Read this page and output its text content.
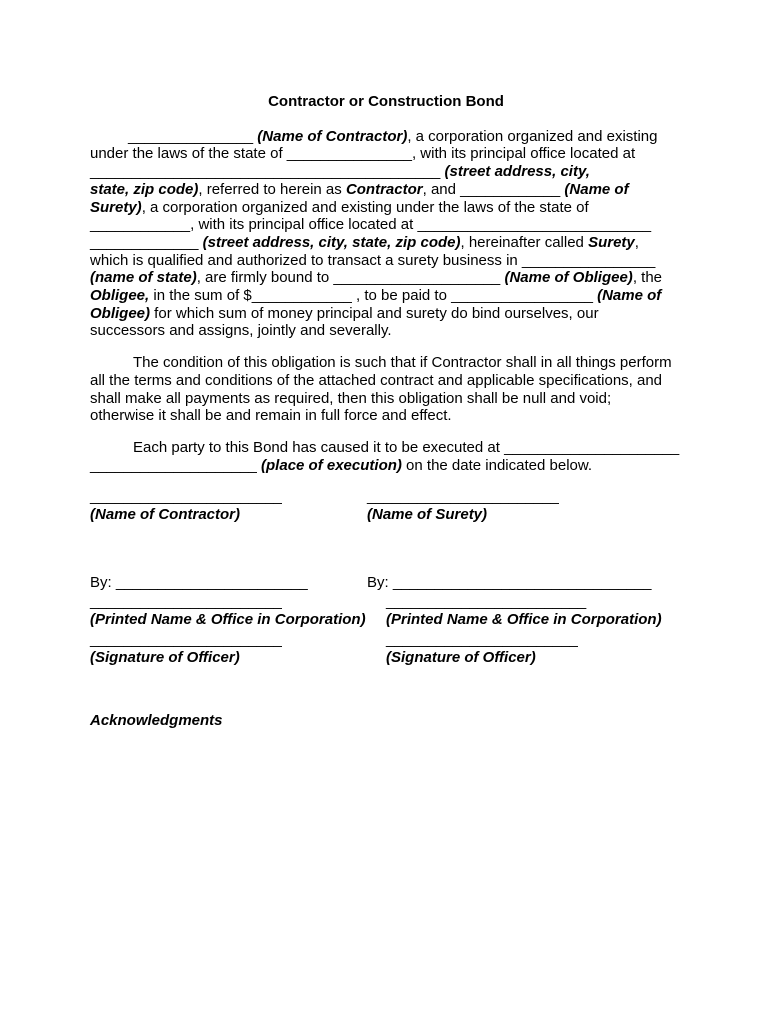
Contractor or Construction Bond
_______________ (Name of Contractor), a corporation organized and existing
under the laws of the state of _______________, with its principal office located at
__________________________________________ (street address, city,
state, zip code), referred to herein as Contractor, and ____________ (Name of
Surety), a corporation organized and existing under the laws of the state of
____________, with its principal office located at ____________________________
_____________ (street address, city, state, zip code), hereinafter called Surety,
which is qualified and authorized to transact a surety business in ________________
(name of state), are firmly bound to ____________________ (Name of Obligee), the
Obligee, in the sum of $____________ , to be paid to _________________ (Name of
Obligee) for which sum of money principal and surety do bind ourselves, our
successors and assigns, jointly and severally.
The condition of this obligation is such that if Contractor shall in all things perform
all the terms and conditions of the attached contract and applicable specifications, and
shall make all payments as required, then this obligation shall be null and void;
otherwise it shall be and remain in full force and effect.
Each party to this Bond has caused it to be executed at _____________________
____________________ (place of execution) on the date indicated below.
_______________________	_______________________
(Name of Contractor)	(Name of Surety)
By: _______________________	By: _______________________________
_______________________	________________________
(Printed Name & Office in Corporation) (Printed Name & Office in Corporation)
_______________________	_______________________
(Signature of Officer)	(Signature of Officer)
Acknowledgments
